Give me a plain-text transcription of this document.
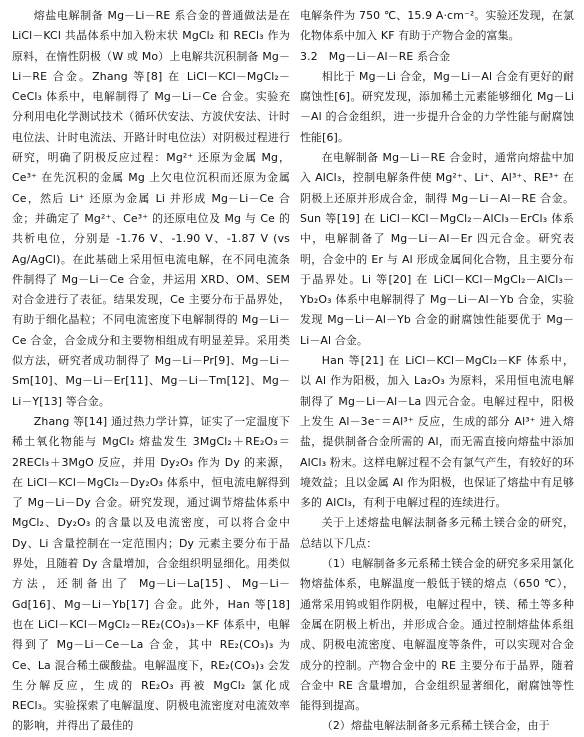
熔盐电解制备 Mg－Li－RE 系合金的普通做法是在 LiCl－KCl 共晶体系中加入粉末状 MgCl₂ 和 RECl₃ 作为原料，在惰性阴极（W 或 Mo）上电解共沉积制备 Mg－Li－RE 合金。Zhang 等[8] 在 LiCl－KCl－MgCl₂－CeCl₃ 体系中，电解制得了 Mg－Li－Ce 合金。实验充分利用电化学测试技术（循环伏安法、方波伏安法、计时电位法、计时电流法、开路计时电位法）对阴极过程进行研究，明确了阴极反应过程：Mg²⁺ 还原为金属 Mg，Ce³⁺ 在先沉积的金属 Mg 上欠电位沉积而还原为金属 Ce，然后 Li⁺ 还原为金属 Li 并形成 Mg－Li－Ce 合金；并确定了 Mg²⁺、Ce³⁺ 的还原电位及 Mg 与 Ce 的共析电位，分别是 -1.76 V、-1.90 V、-1.87 V (vs Ag/AgCl)。在此基础上采用恒电流电解，在不同电流条件制得了 Mg－Li－Ce 合金，并运用 XRD、OM、SEM 对合金进行了表征。结果发现，Ce 主要分布于晶界处，有助于细化晶粒；不同电流密度下电解制得的 Mg－Li－Ce 合金，合金成分和主要物相组成有明显差异。采用类似方法，研究者成功制得了 Mg－Li－Pr[9]、Mg－Li－Sm[10]、Mg－Li－Er[11]、Mg－Li－Tm[12]、Mg－Li－Y[13] 等合金。

Zhang 等[14] 通过热力学计算，证实了一定温度下稀土氧化物能与 MgCl₂ 熔盐发生 3MgCl₂＋RE₂O₃＝2RECl₃＋3MgO 反应，并用 Dy₂O₃ 作为 Dy 的来源，在 LiCl－KCl－MgCl₂－Dy₂O₃ 体系中，恒电流电解得到了 Mg－Li－Dy 合金。研究发现，通过调节熔盐体系中 MgCl₂、Dy₂O₃ 的含量以及电流密度，可以将合金中 Dy、Li 含量控制在一定范围内；Dy 元素主要分布于晶界处，且随着 Dy 含量增加，合金组织明显细化。用类似方法，还制备出了 Mg－Li－La[15]、Mg－Li－Gd[16]、Mg－Li－Yb[17] 合金。此外，Han 等[18] 也在 LiCl－KCl－MgCl₂－RE₂(CO₃)₃－KF 体系中，电解得到了 Mg－Li－Ce－La 合金，其中 RE₂(CO₃)₃ 为 Ce、La 混合稀土碳酸盐。电解温度下，RE₂(CO₃)₃ 会发生分解反应，生成的 RE₂O₃ 再被 MgCl₂ 氯化成 RECl₃。实验探索了电解温度、阴极电流密度对电流效率的影响，并得出了最佳的

电解条件为 750 ℃、15.9 A·cm⁻²。实验还发现，在氯化物体系中加入 KF 有助于产物合金的富集。

3.2　Mg－Li－Al－RE 系合金

相比于 Mg－Li 合金，Mg－Li－Al 合金有更好的耐腐蚀性[6]。研究发现，添加稀土元素能够细化 Mg－Li－Al 的合金组织，进一步提升合金的力学性能与耐腐蚀性能[6]。

在电解制备 Mg－Li－RE 合金时，通常向熔盐中加入 AlCl₃，控制电解条件使 Mg²⁺、Li⁺、Al³⁺、RE³⁺ 在阴极上还原并形成合金，制得 Mg－Li－Al－RE 合金。Sun 等[19] 在 LiCl－KCl－MgCl₂－AlCl₃－ErCl₃ 体系中，电解制备了 Mg－Li－Al－Er 四元合金。研究表明，合金中的 Er 与 Al 形成金属间化合物，且主要分布于晶界处。Li 等[20] 在 LiCl－KCl－MgCl₂－AlCl₃－Yb₂O₃ 体系中电解制得了 Mg－Li－Al－Yb 合金，实验发现 Mg－Li－Al－Yb 合金的耐腐蚀性能要优于 Mg－Li－Al 合金。

Han 等[21] 在 LiCl－KCl－MgCl₂－KF 体系中，以 Al 作为阳极，加入 La₂O₃ 为原料，采用恒电流电解制得了 Mg－Li－Al－La 四元合金。电解过程中，阳极上发生 Al－3e⁻＝Al³⁺ 反应，生成的部分 Al³⁺ 进入熔盐，提供制备合金所需的 Al，而无需直接向熔盐中添加 AlCl₃ 粉末。这样电解过程不会有氯气产生，有较好的环境效益；且以金属 Al 作为阳极，也保证了熔盐中有足够多的 AlCl₃，有利于电解过程的连续进行。

关于上述熔盐电解法制备多元稀土镁合金的研究，总结以下几点：

（1）电解制备多元系稀土镁合金的研究多采用氯化物熔盐体系，电解温度一般低于镁的熔点（650 ℃），通常采用钨或钼作阴极，电解过程中，镁、稀土等多种金属在阴极上析出，并形成合金。通过控制熔盐体系组成、阴极电流密度、电解温度等条件，可以实现对合金成分的控制。产物合金中的 RE 主要分布于晶界，随着合金中 RE 含量增加，合金组织显著细化，耐腐蚀等性能得到提高。

（2）熔盐电解法制备多元系稀土镁合金，由于
